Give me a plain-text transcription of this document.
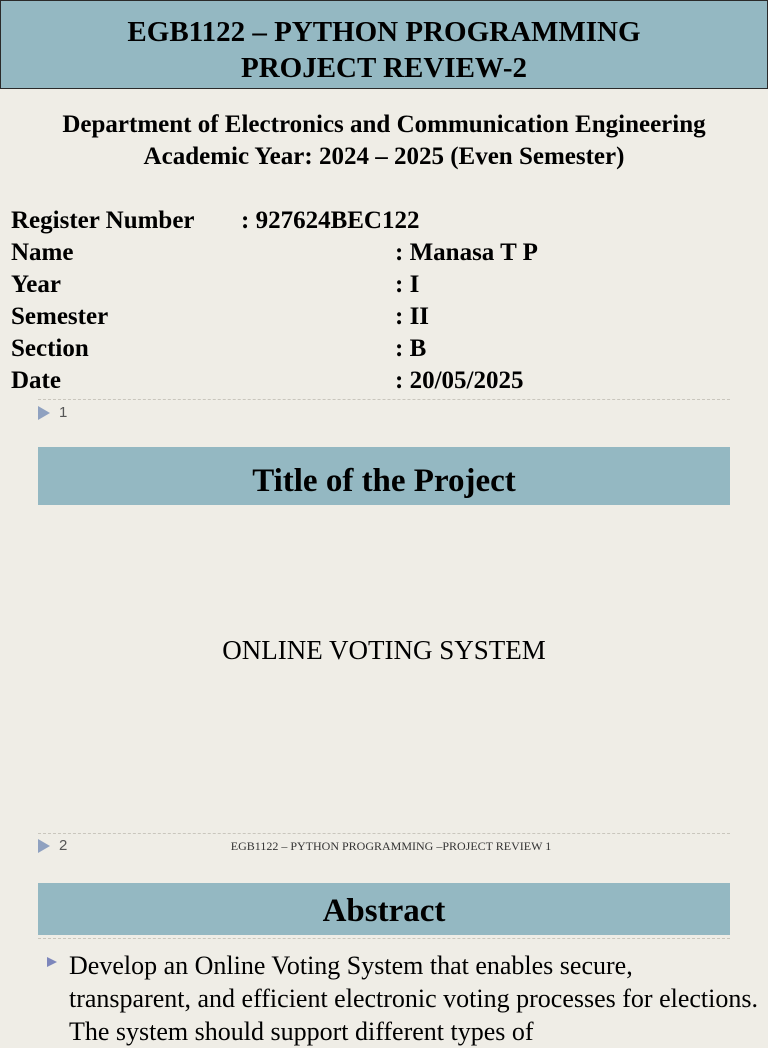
EGB1122 – PYTHON PROGRAMMING
PROJECT REVIEW-2
Department of Electronics and Communication Engineering
Academic Year: 2024 – 2025 (Even Semester)
Register Number : 927624BEC122
Name	: Manasa T P
Year	: I
Semester	: II
Section	: B
Date	: 20/05/2025
1
Title of the Project
ONLINE VOTING SYSTEM
2	EGB1122 – PYTHON PROGRAMMING –PROJECT REVIEW 1
Abstract
Develop an Online Voting System that enables secure, transparent, and efficient electronic voting processes for elections. The system should support different types of
